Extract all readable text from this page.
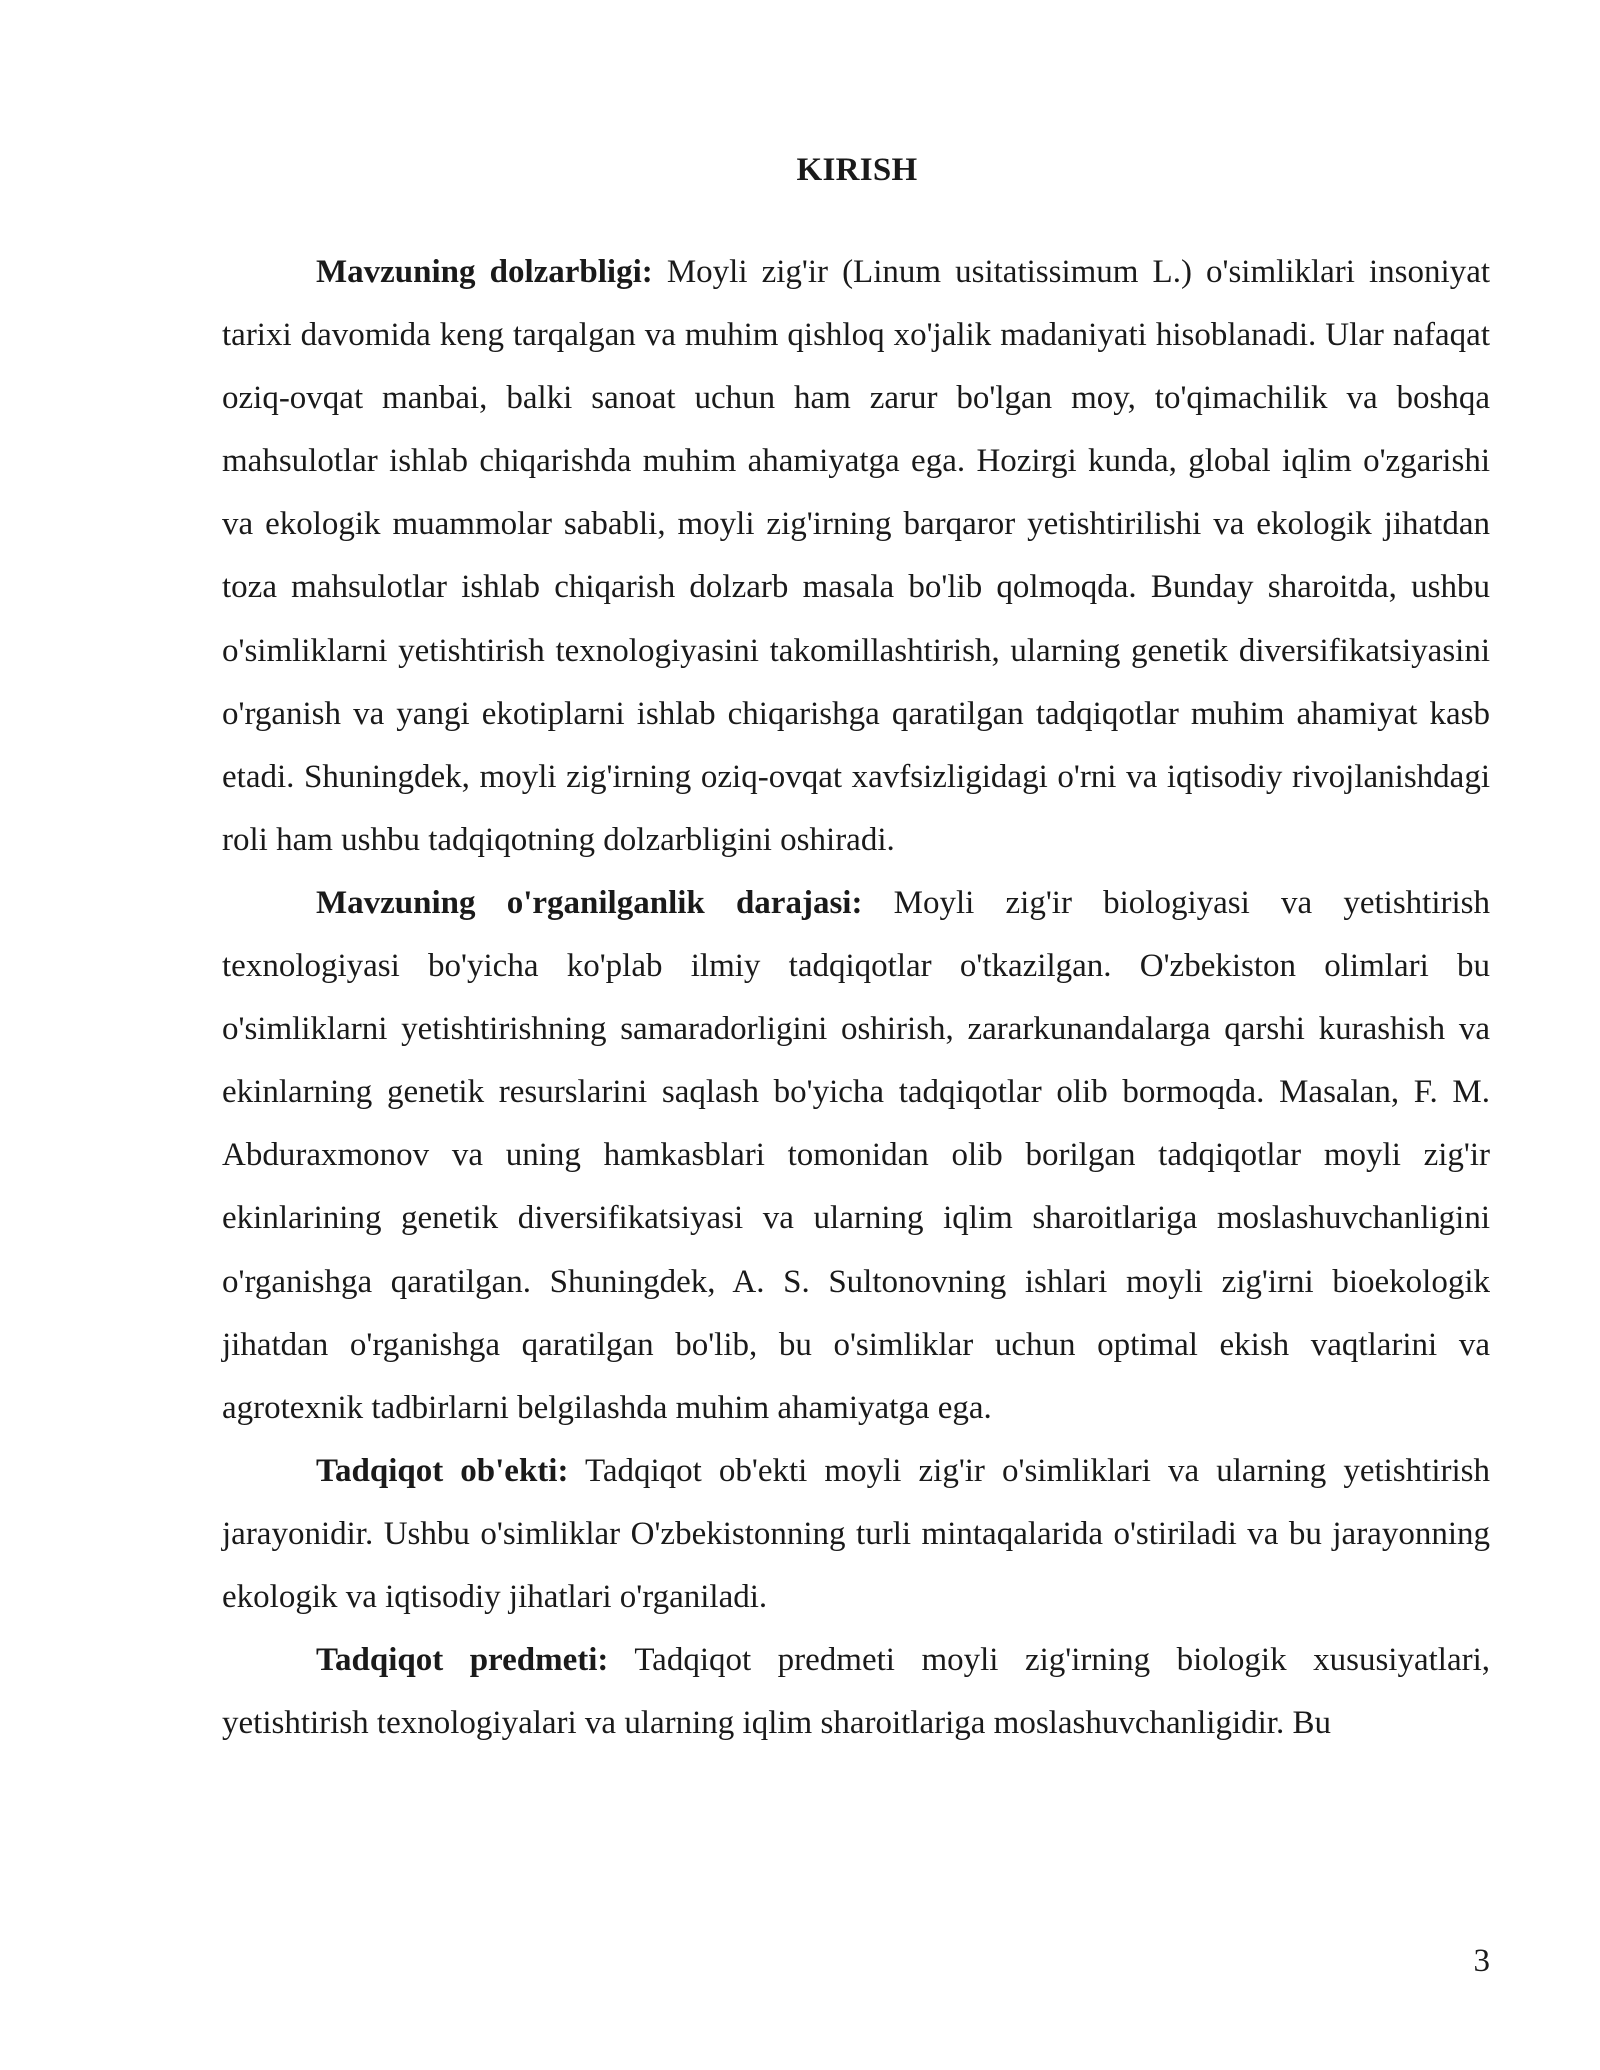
KIRISH

Mavzuning dolzarbligi: Moyli zig'ir (Linum usitatissimum L.) o'simliklari insoniyat tarixi davomida keng tarqalgan va muhim qishloq xo'jalik madaniyati hisoblanadi. Ular nafaqat oziq-ovqat manbai, balki sanoat uchun ham zarur bo'lgan moy, to'qimachilik va boshqa mahsulotlar ishlab chiqarishda muhim ahamiyatga ega. Hozirgi kunda, global iqlim o'zgarishi va ekologik muammolar sababli, moyli zig'irning barqaror yetishtirilishi va ekologik jihatdan toza mahsulotlar ishlab chiqarish dolzarb masala bo'lib qolmoqda. Bunday sharoitda, ushbu o'simliklarni yetishtirish texnologiyasini takomillashtirish, ularning genetik diversifikatsiyasini o'rganish va yangi ekotiplarni ishlab chiqarishga qaratilgan tadqiqotlar muhim ahamiyat kasb etadi. Shuningdek, moyli zig'irning oziq-ovqat xavfsizligidagi o'rni va iqtisodiy rivojlanishdagi roli ham ushbu tadqiqotning dolzarbligini oshiradi.

Mavzuning o'rganilganlik darajasi: Moyli zig'ir biologiyasi va yetishtirish texnologiyasi bo'yicha ko'plab ilmiy tadqiqotlar o'tkazilgan. O'zbekiston olimlari bu o'simliklarni yetishtirishning samaradorligini oshirish, zararkunandalarga qarshi kurashish va ekinlarning genetik resurslarini saqlash bo'yicha tadqiqotlar olib bormoqda. Masalan, F. M. Abduraxmonov va uning hamkasblari tomonidan olib borilgan tadqiqotlar moyli zig'ir ekinlarining genetik diversifikatsiyasi va ularning iqlim sharoitlariga moslashuvchanligini o'rganishga qaratilgan. Shuningdek, A. S. Sultonovning ishlari moyli zig'irni bioekologik jihatdan o'rganishga qaratilgan bo'lib, bu o'simliklar uchun optimal ekish vaqtlarini va agrotexnik tadbirlarni belgilashda muhim ahamiyatga ega.

Tadqiqot ob'ekti: Tadqiqot ob'ekti moyli zig'ir o'simliklari va ularning yetishtirish jarayonidir. Ushbu o'simliklar O'zbekistonning turli mintaqalarida o'stiriladi va bu jarayonning ekologik va iqtisodiy jihatlari o'rganiladi.

Tadqiqot predmeti: Tadqiqot predmeti moyli zig'irning biologik xususiyatlari, yetishtirish texnologiyalari va ularning iqlim sharoitlariga moslashuvchanligidir. Bu

3
